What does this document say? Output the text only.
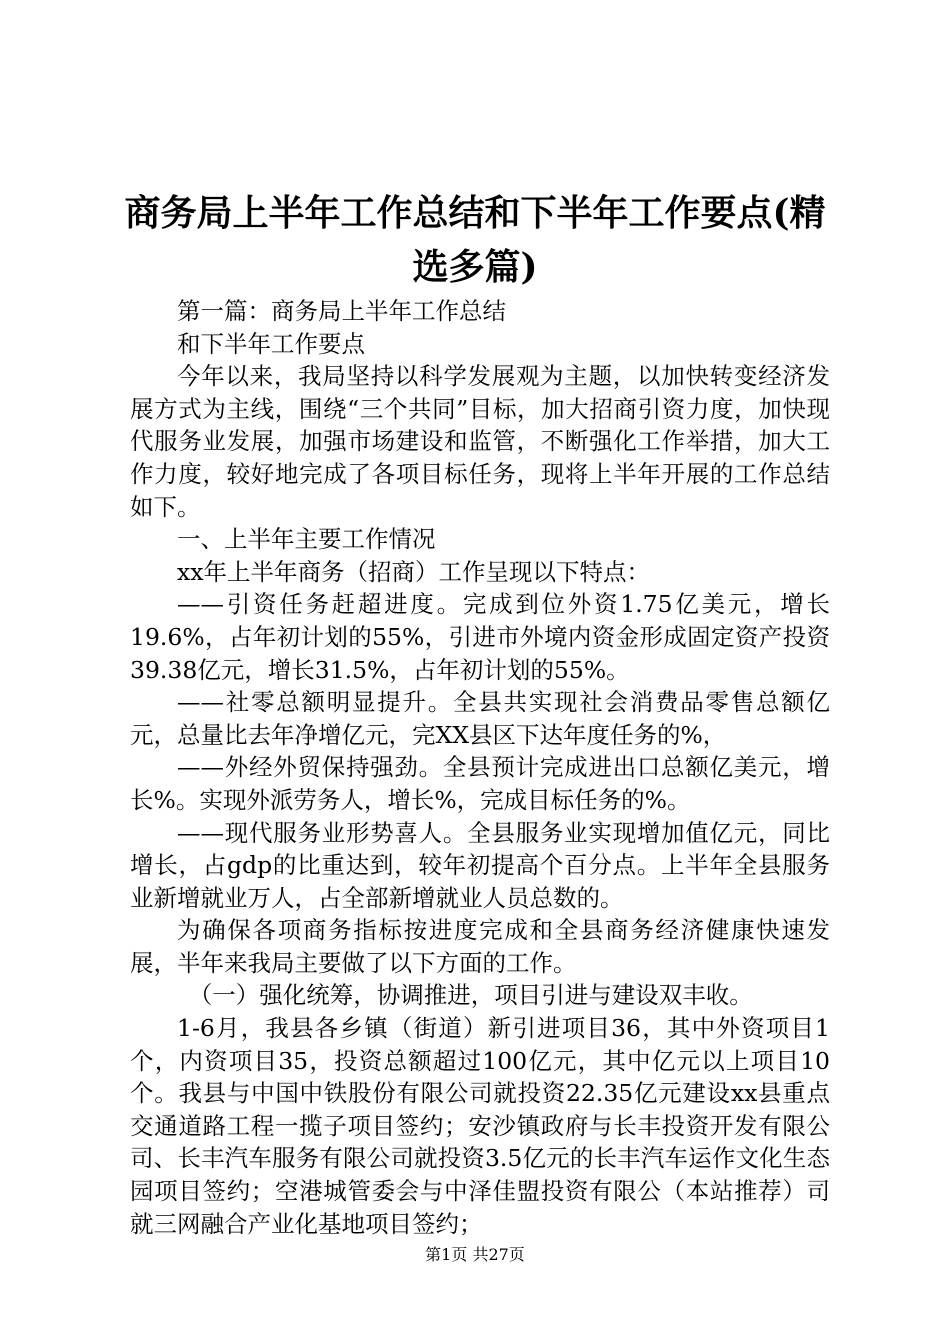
商务局上半年工作总结和下半年工作要点(精选多篇)

第一篇：商务局上半年工作总结

和下半年工作要点

今年以来，我局坚持以科学发展观为主题，以加快转变经济发展方式为主线，围绕“三个共同”目标，加大招商引资力度，加快现代服务业发展，加强市场建设和监管，不断强化工作举措，加大工作力度，较好地完成了各项目标任务，现将上半年开展的工作总结如下。

一、上半年主要工作情况

xx年上半年商务（招商）工作呈现以下特点：

——引资任务赶超进度。完成到位外资1.75亿美元，增长19.6%，占年初计划的55%，引进市外境内资金形成固定资产投资39.38亿元，增长31.5%，占年初计划的55%。

——社零总额明显提升。全县共实现社会消费品零售总额亿元，总量比去年净增亿元，完XX县区下达年度任务的%，

——外经外贸保持强劲。全县预计完成进出口总额亿美元，增长%。实现外派劳务人，增长%，完成目标任务的%。

——现代服务业形势喜人。全县服务业实现增加值亿元，同比增长，占gdp的比重达到，较年初提高个百分点。上半年全县服务业新增就业万人，占全部新增就业人员总数的。

为确保各项商务指标按进度完成和全县商务经济健康快速发展，半年来我局主要做了以下方面的工作。

（一）强化统筹，协调推进，项目引进与建设双丰收。

1-6月，我县各乡镇（街道）新引进项目36，其中外资项目1个，内资项目35，投资总额超过100亿元，其中亿元以上项目10个。我县与中国中铁股份有限公司就投资22.35亿元建设xx县重点交通道路工程一揽子项目签约；安沙镇政府与长丰投资开发有限公司、长丰汽车服务有限公司就投资3.5亿元的长丰汽车运作文化生态园项目签约；空港城管委会与中泽佳盟投资有限公（本站推荐）司就三网融合产业化基地项目签约；

第1页 共27页
